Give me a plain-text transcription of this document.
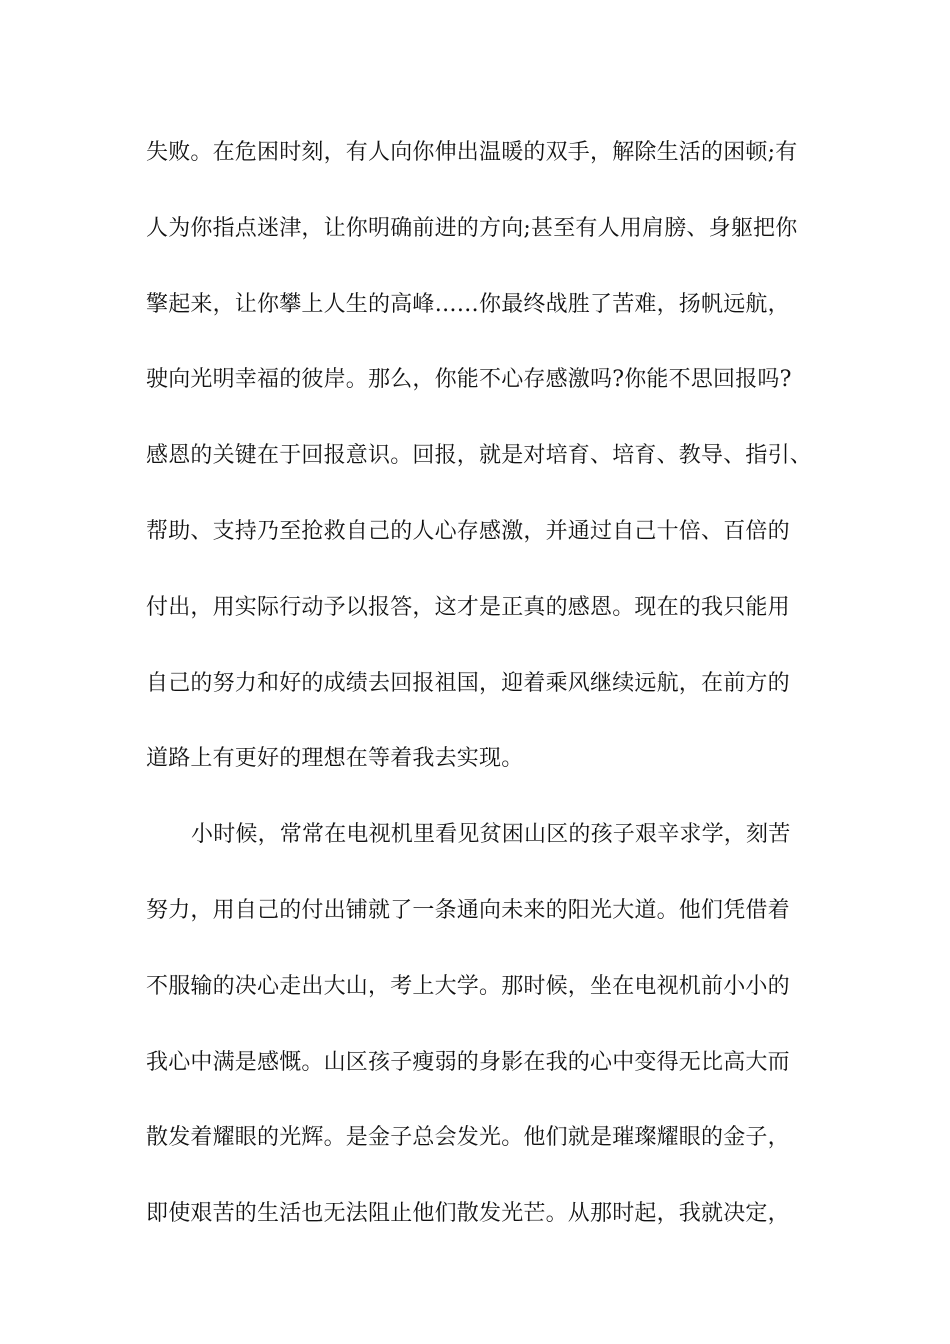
失败。在危困时刻，有人向你伸出温暖的双手，解除生活的困顿;有
人为你指点迷津，让你明确前进的方向;甚至有人用肩膀、身躯把你
擎起来，让你攀上人生的高峰……你最终战胜了苦难，扬帆远航，
驶向光明幸福的彼岸。那么，你能不心存感激吗?你能不思回报吗?
感恩的关键在于回报意识。回报，就是对培育、培育、教导、指引、
帮助、支持乃至抢救自己的人心存感激，并通过自己十倍、百倍的
付出，用实际行动予以报答，这才是正真的感恩。现在的我只能用
自己的努力和好的成绩去回报祖国，迎着乘风继续远航，在前方的
道路上有更好的理想在等着我去实现。
小时候，常常在电视机里看见贫困山区的孩子艰辛求学，刻苦
努力，用自己的付出铺就了一条通向未来的阳光大道。他们凭借着
不服输的决心走出大山，考上大学。那时候，坐在电视机前小小的
我心中满是感慨。山区孩子瘦弱的身影在我的心中变得无比高大而
散发着耀眼的光辉。是金子总会发光。他们就是璀璨耀眼的金子，
即使艰苦的生活也无法阻止他们散发光芒。从那时起，我就决定，
